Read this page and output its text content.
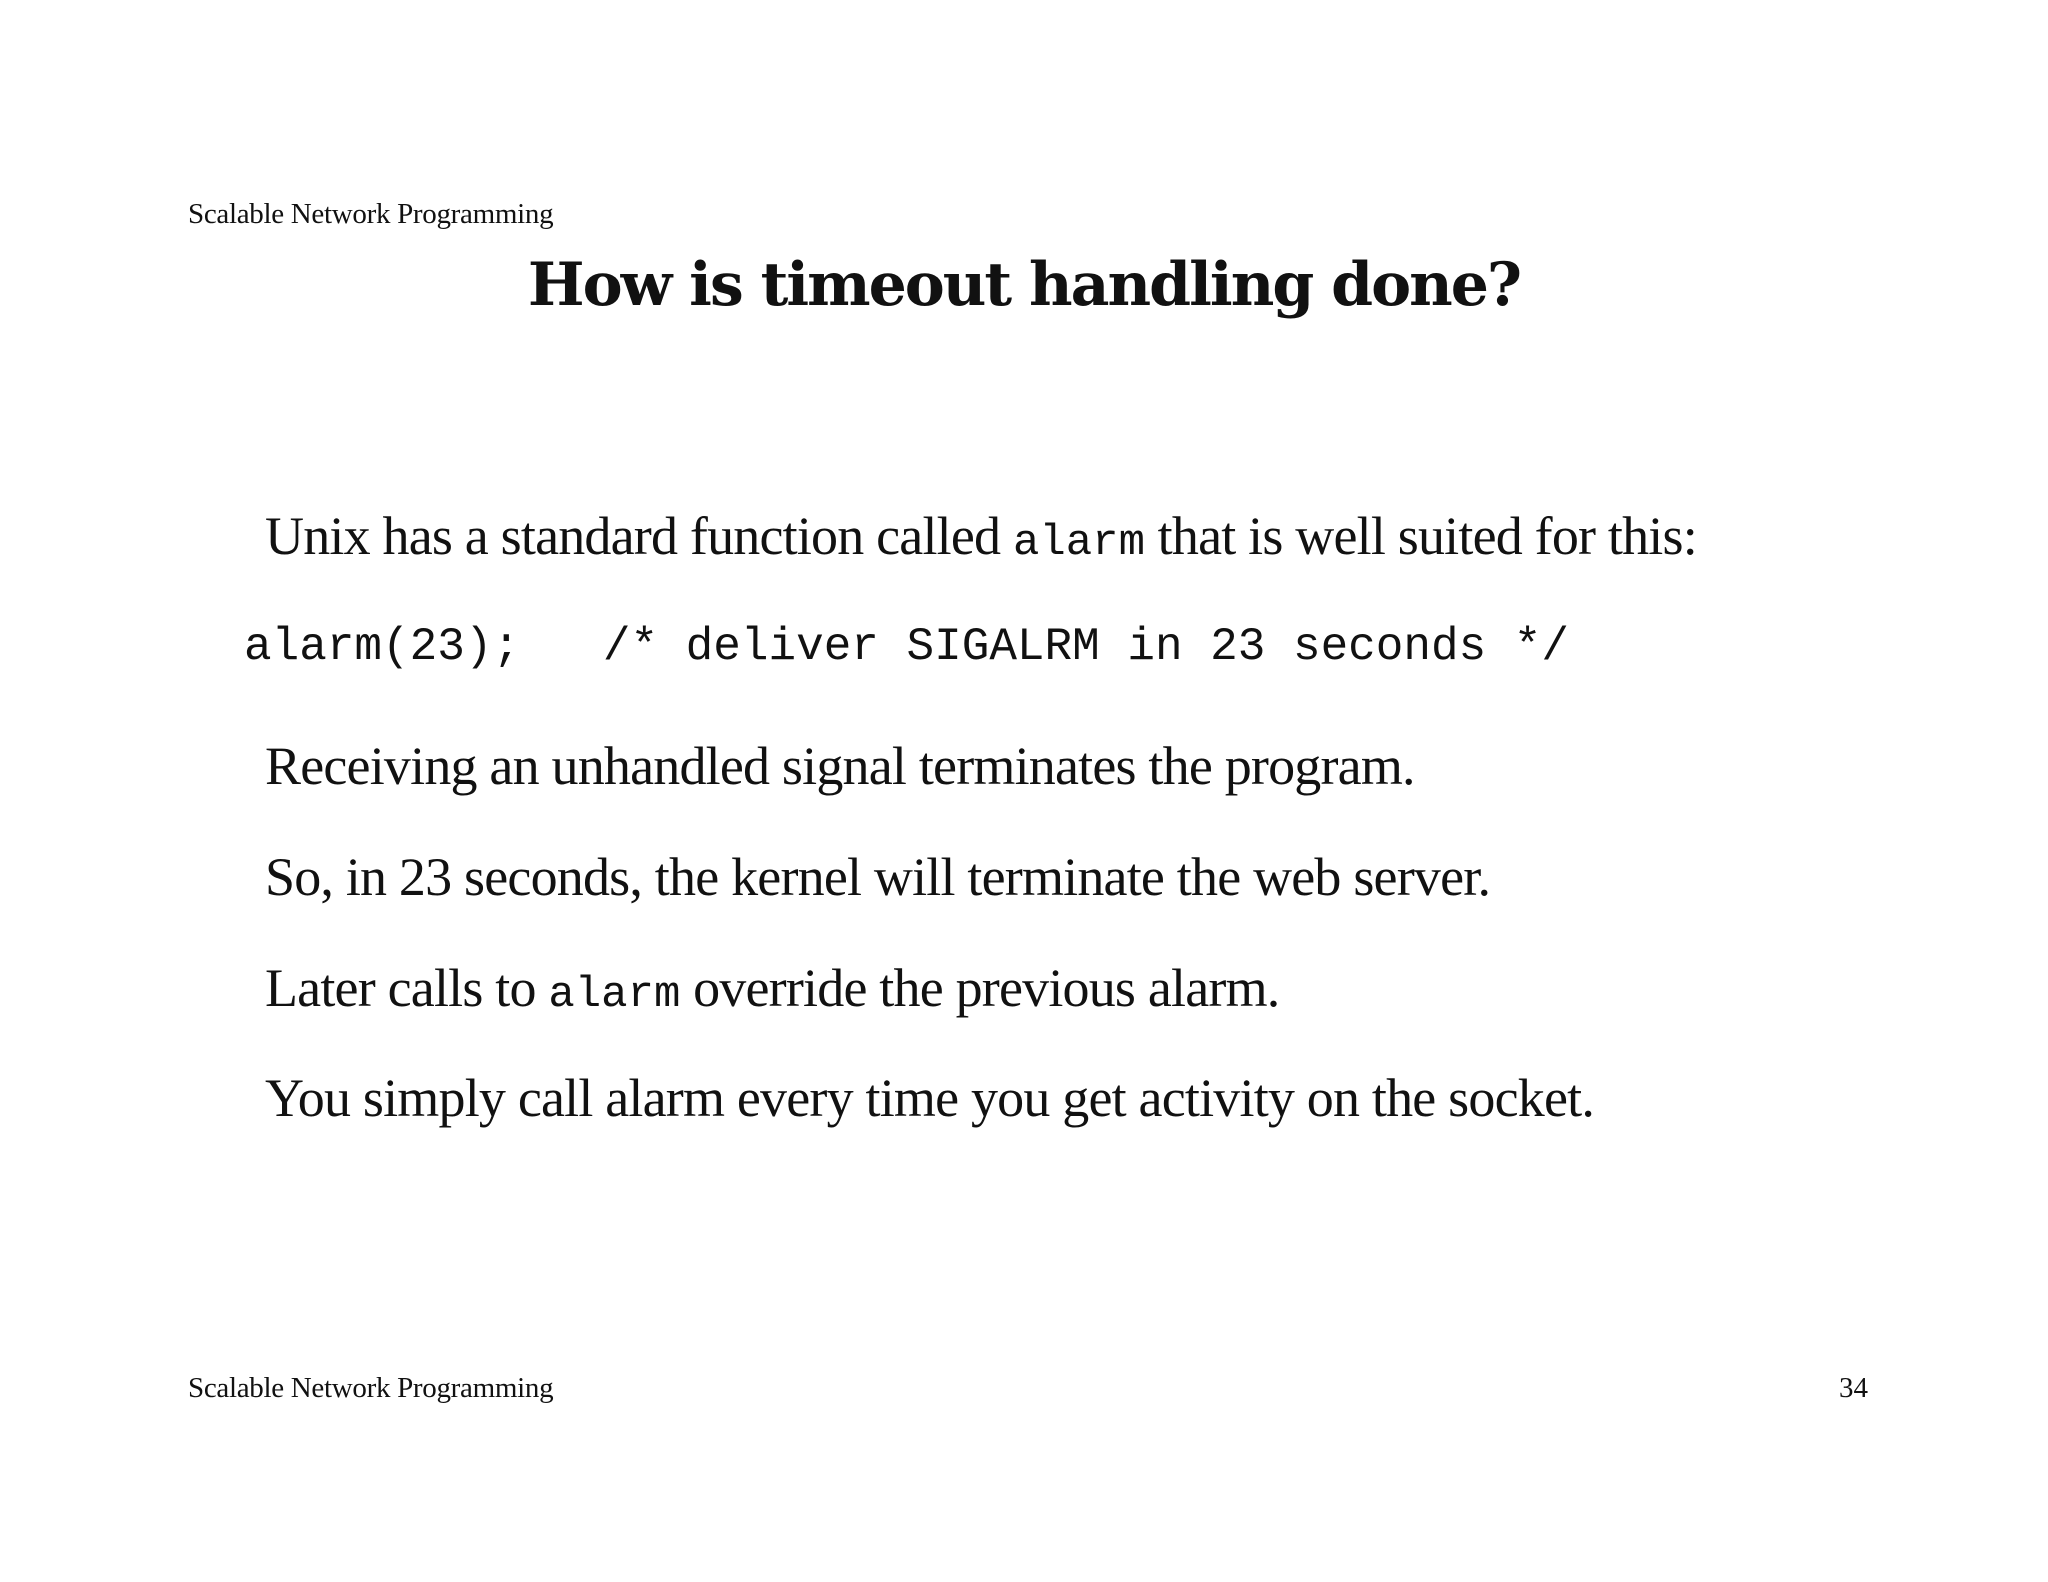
Scalable Network Programming
How is timeout handling done?
Unix has a standard function called alarm that is well suited for this:
alarm(23);   /* deliver SIGALRM in 23 seconds */
Receiving an unhandled signal terminates the program.
So, in 23 seconds, the kernel will terminate the web server.
Later calls to alarm override the previous alarm.
You simply call alarm every time you get activity on the socket.
Scalable Network Programming	34
